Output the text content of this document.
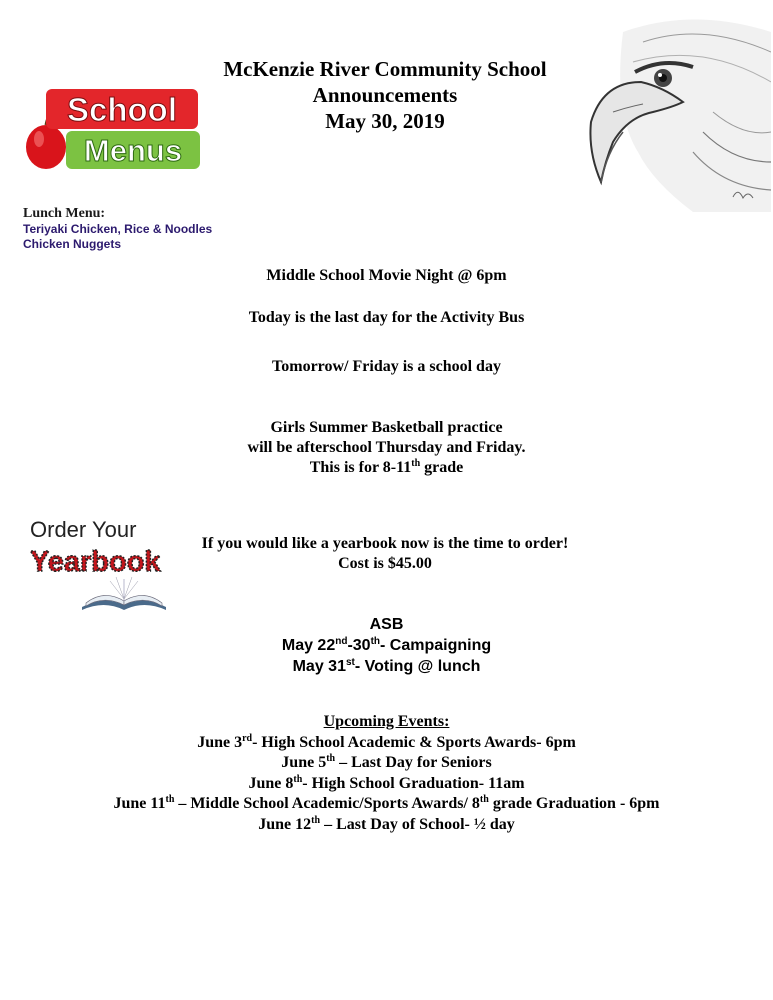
McKenzie River Community School
Announcements
May 30, 2019
School
Menus
Lunch Menu:
Teriyaki Chicken, Rice & Noodles
Chicken Nuggets
Middle School Movie Night @ 6pm
Today is the last day for the Activity Bus
Tomorrow/ Friday is a school day
Girls Summer Basketball practice
will be afterschool Thursday and Friday.
This is for 8-11th grade
Order Your
Yearbook
If you would like a yearbook now is the time to order!
Cost is $45.00
ASB
May 22nd-30th- Campaigning
May 31st- Voting @ lunch
Upcoming Events:
June 3rd- High School Academic & Sports Awards- 6pm
June 5th – Last Day for Seniors
June 8th- High School Graduation- 11am
June 11th – Middle School Academic/Sports Awards/ 8th grade Graduation - 6pm
June 12th – Last Day of School- ½ day
